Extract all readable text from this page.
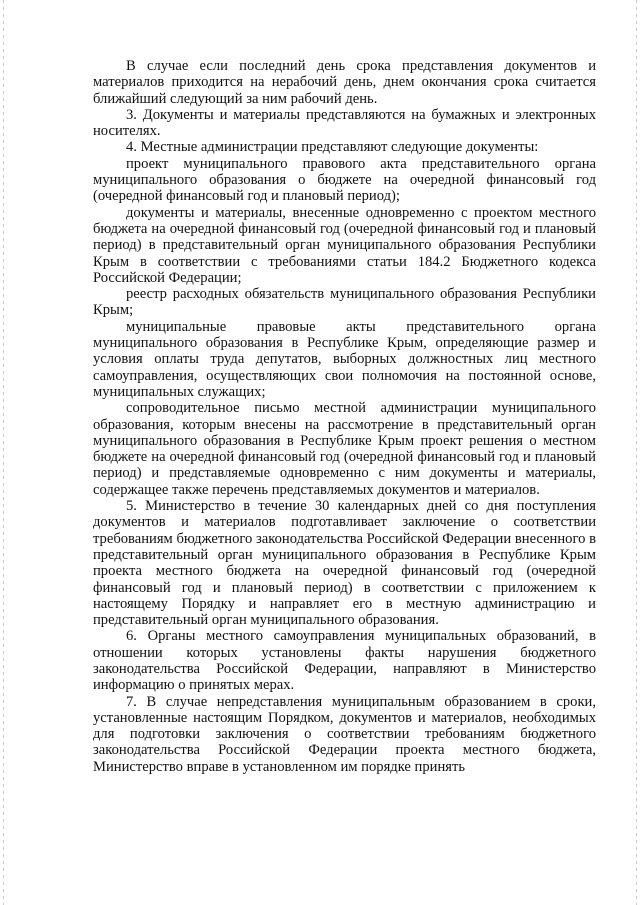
В случае если последний день срока представления документов и материалов приходится на нерабочий день, днем окончания срока считается ближайший следующий за ним рабочий день.

3. Документы и материалы представляются на бумажных и электронных носителях.

4. Местные администрации представляют следующие документы:

проект муниципального правового акта представительного органа муниципального образования о бюджете на очередной финансовый год (очередной финансовый год и плановый период);

документы и материалы, внесенные одновременно с проектом местного бюджета на очередной финансовый год (очередной финансовый год и плановый период) в представительный орган муниципального образования Республики Крым в соответствии с требованиями статьи 184.2 Бюджетного кодекса Российской Федерации;

реестр расходных обязательств муниципального образования Республики Крым;

муниципальные правовые акты представительного органа муниципального образования в Республике Крым, определяющие размер и условия оплаты труда депутатов, выборных должностных лиц местного самоуправления, осуществляющих свои полномочия на постоянной основе, муниципальных служащих;

сопроводительное письмо местной администрации муниципального образования, которым внесены на рассмотрение в представительный орган муниципального образования в Республике Крым проект решения о местном бюджете на очередной финансовый год (очередной финансовый год и плановый период) и представляемые одновременно с ним документы и материалы, содержащее также перечень представляемых документов и материалов.

5. Министерство в течение 30 календарных дней со дня поступления документов и материалов подготавливает заключение о соответствии требованиям бюджетного законодательства Российской Федерации внесенного в представительный орган муниципального образования в Республике Крым проекта местного бюджета на очередной финансовый год (очередной финансовый год и плановый период) в соответствии с приложением к настоящему Порядку и направляет его в местную администрацию и представительный орган муниципального образования.

6. Органы местного самоуправления муниципальных образований, в отношении которых установлены факты нарушения бюджетного законодательства Российской Федерации, направляют в Министерство информацию о принятых мерах.

7. В случае непредставления муниципальным образованием в сроки, установленные настоящим Порядком, документов и материалов, необходимых для подготовки заключения о соответствии требованиям бюджетного законодательства Российской Федерации проекта местного бюджета, Министерство вправе в установленном им порядке принять
